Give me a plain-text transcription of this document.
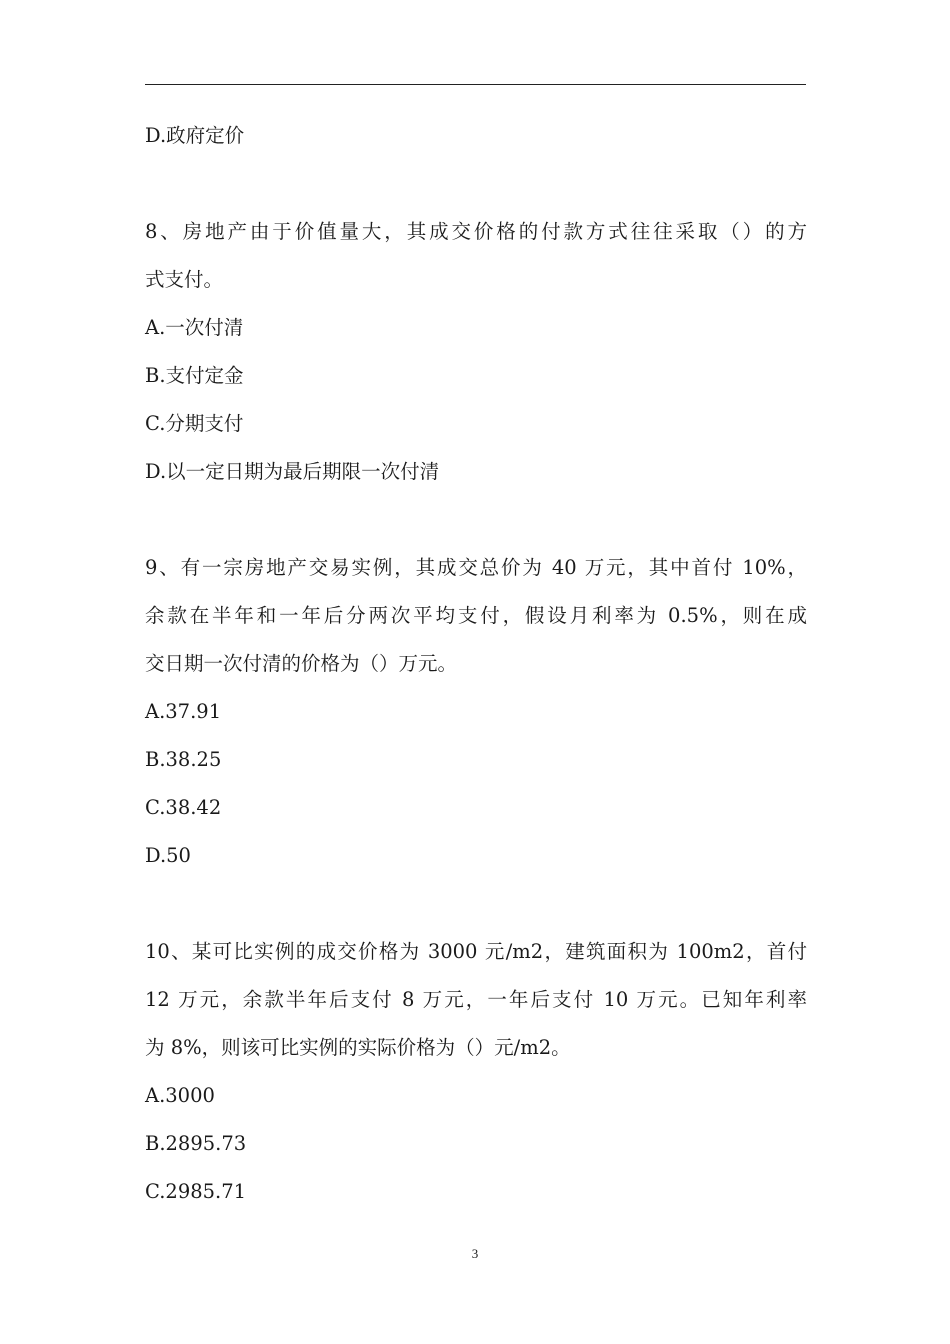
D.政府定价
8、房地产由于价值量大，其成交价格的付款方式往往采取（）的方
式支付。
A.一次付清
B.支付定金
C.分期支付
D.以一定日期为最后期限一次付清
9、有一宗房地产交易实例，其成交总价为 40 万元，其中首付 10%，
余款在半年和一年后分两次平均支付，假设月利率为 0.5%，则在成
交日期一次付清的价格为（）万元。
A.37.91
B.38.25
C.38.42
D.50
10、某可比实例的成交价格为 3000 元/m2，建筑面积为 100m2，首付
12 万元，余款半年后支付 8 万元，一年后支付 10 万元。已知年利率
为 8%，则该可比实例的实际价格为（）元/m2。
A.3000
B.2895.73
C.2985.71
3
